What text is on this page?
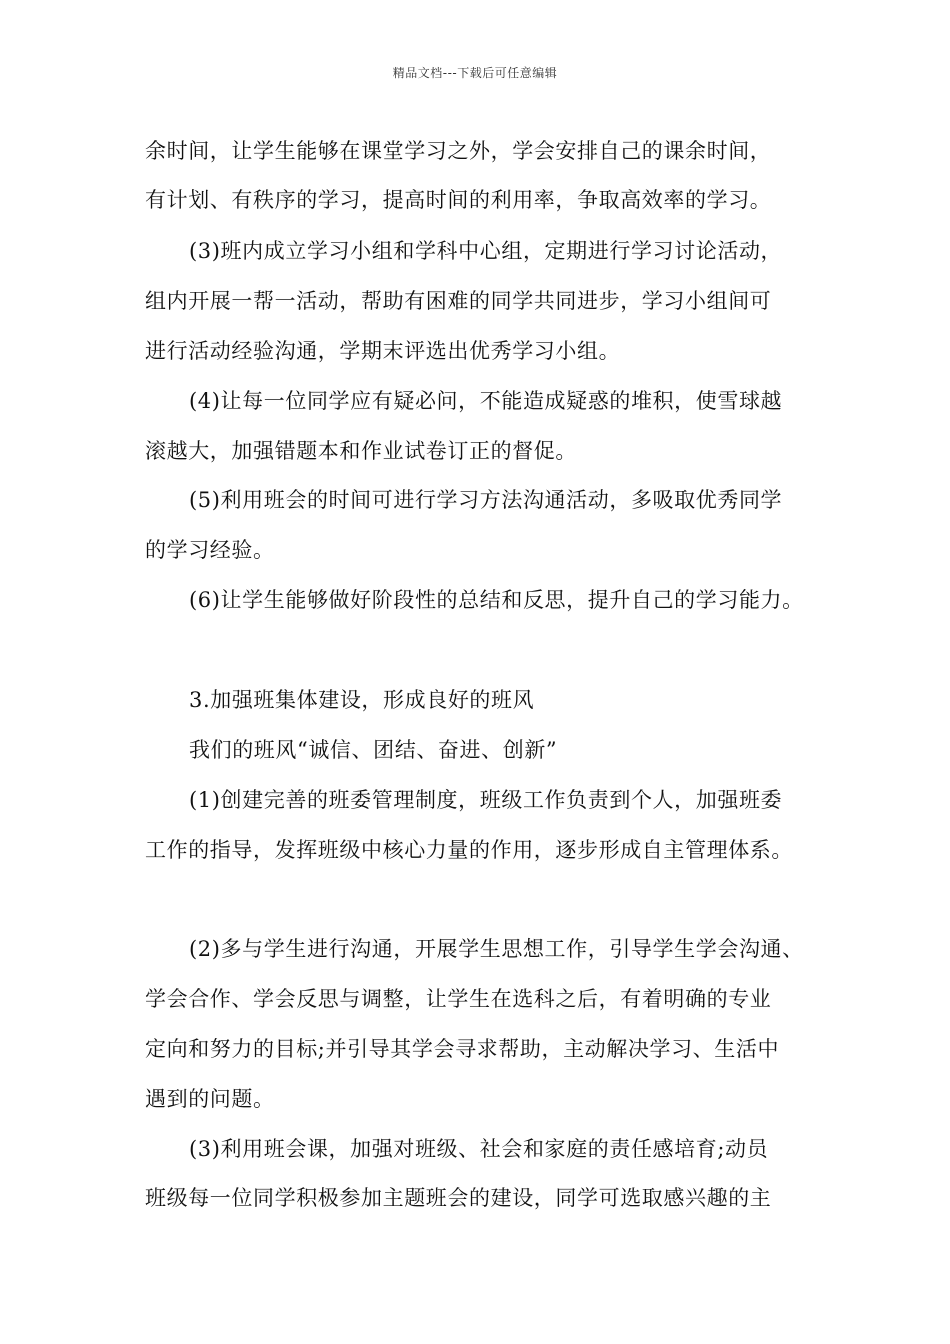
精品文档---下载后可任意编辑
余时间，让学生能够在课堂学习之外，学会安排自己的课余时间，
有计划、有秩序的学习，提高时间的利用率，争取高效率的学习。
(3)班内成立学习小组和学科中心组，定期进行学习讨论活动，
组内开展一帮一活动，帮助有困难的同学共同进步，学习小组间可
进行活动经验沟通，学期末评选出优秀学习小组。
(4)让每一位同学应有疑必问，不能造成疑惑的堆积，使雪球越
滚越大，加强错题本和作业试卷订正的督促。
(5)利用班会的时间可进行学习方法沟通活动，多吸取优秀同学
的学习经验。
(6)让学生能够做好阶段性的总结和反思，提升自己的学习能力。
3.加强班集体建设，形成良好的班风
我们的班风“诚信、团结、奋进、创新”
(1)创建完善的班委管理制度，班级工作负责到个人，加强班委
工作的指导，发挥班级中核心力量的作用，逐步形成自主管理体系。
(2)多与学生进行沟通，开展学生思想工作，引导学生学会沟通、
学会合作、学会反思与调整，让学生在选科之后，有着明确的专业
定向和努力的目标;并引导其学会寻求帮助，主动解决学习、生活中
遇到的问题。
(3)利用班会课，加强对班级、社会和家庭的责任感培育;动员
班级每一位同学积极参加主题班会的建设，同学可选取感兴趣的主
